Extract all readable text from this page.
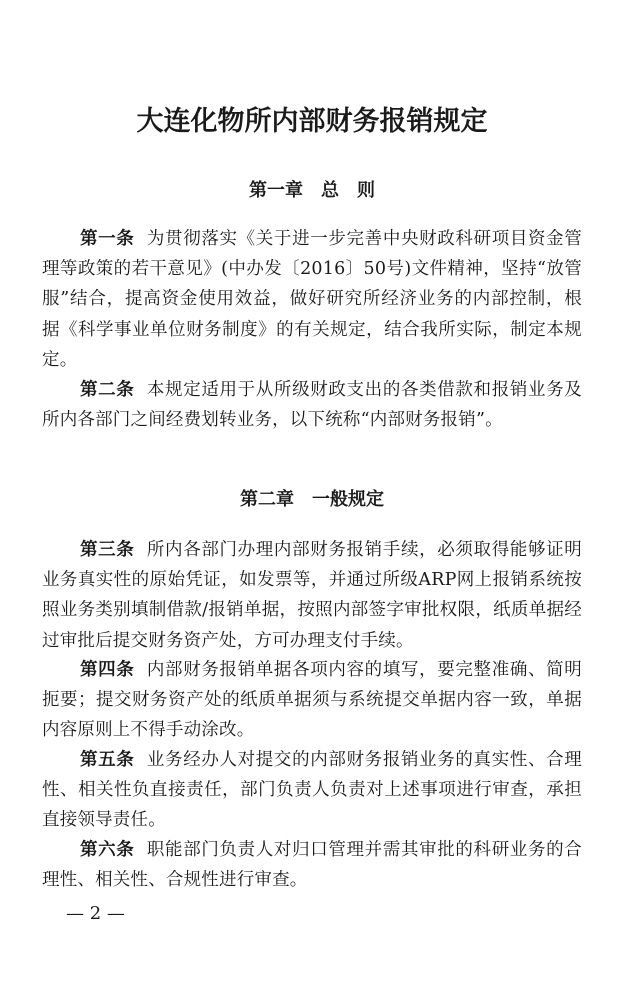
大连化物所内部财务报销规定
第一章　总　则

第一条 为贯彻落实《关于进一步完善中央财政科研项目资金管理等政策的若干意见》(中办发〔2016〕50号)文件精神，坚持“放管服”结合，提高资金使用效益，做好研究所经济业务的内部控制，根据《科学事业单位财务制度》的有关规定，结合我所实际，制定本规定。

第二条 本规定适用于从所级财政支出的各类借款和报销业务及所内各部门之间经费划转业务，以下统称“内部财务报销”。

第二章　一般规定

第三条 所内各部门办理内部财务报销手续，必须取得能够证明业务真实性的原始凭证，如发票等，并通过所级ARP网上报销系统按照业务类别填制借款/报销单据，按照内部签字审批权限，纸质单据经过审批后提交财务资产处，方可办理支付手续。

第四条 内部财务报销单据各项内容的填写，要完整准确、简明扼要；提交财务资产处的纸质单据须与系统提交单据内容一致，单据内容原则上不得手动涂改。

第五条 业务经办人对提交的内部财务报销业务的真实性、合理性、相关性负直接责任，部门负责人负责对上述事项进行审查，承担直接领导责任。

第六条 职能部门负责人对归口管理并需其审批的科研业务的合理性、相关性、合规性进行审查。

— 2 —
